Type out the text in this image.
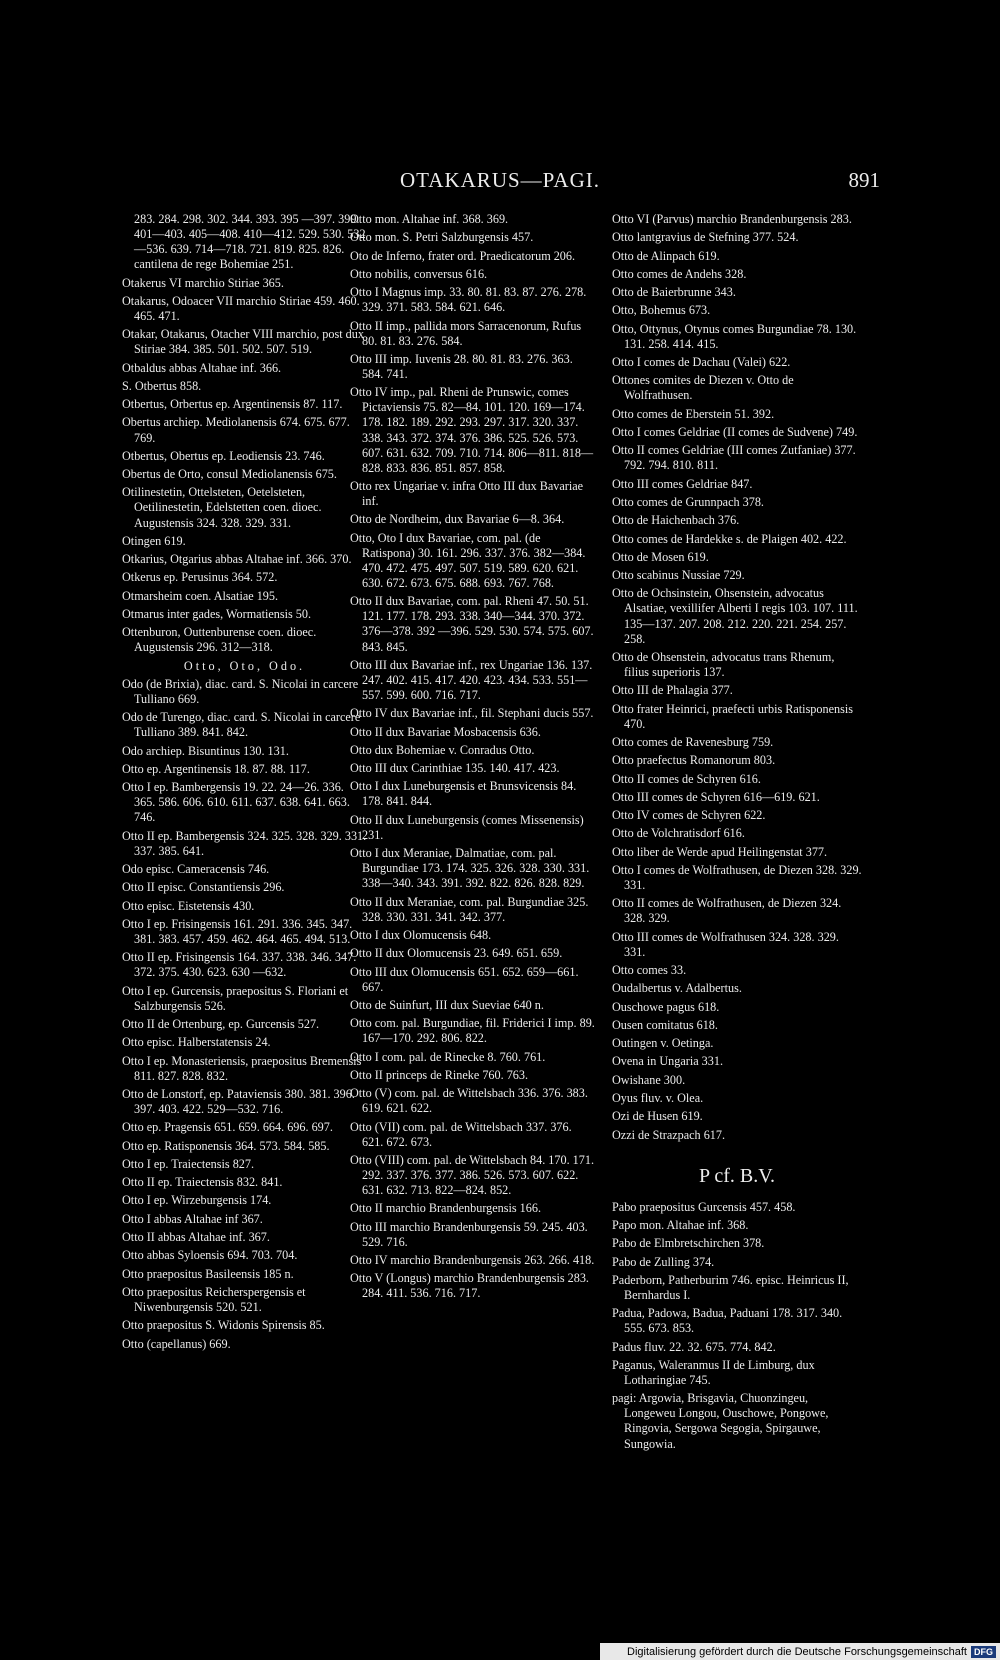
OTAKARUS—PAGI.	891
283. 284. 298. 302. 344. 393. 395 —397. 399. 401—403. 405—408. 410—412. 529. 530. 532—536. 639. 714—718. 721. 819. 825. 826. cantilena de rege Bohemiae 251.
Otakerus VI marchio Stiriae 365.
Otakarus, Odoacer VII marchio Stiriae 459. 460. 465. 471.
Otakar, Otakarus, Otacher VIII marchio, post dux Stiriae 384. 385. 501. 502. 507. 519.
Otbaldus abbas Altahae inf. 366.
S. Otbertus 858.
Otbertus, Orbertus ep. Argentinensis 87. 117.
Obertus archiep. Mediolanensis 674. 675. 677. 769.
Otbertus, Obertus ep. Leodiensis 23. 746.
Obertus de Orto, consul Mediolanensis 675.
Otilinestetin, Ottelsteten, Oetelsteten, Oetilinestetin, Edelstetten coen. dioec. Augustensis 324. 328. 329. 331.
Otingen 619.
Otkarius, Otgarius abbas Altahae inf. 366. 370.
Otkerus ep. Perusinus 364. 572.
Otmarsheim coen. Alsatiae 195.
Otmarus inter gades, Wormatiensis 50.
Ottenburon, Outtenburense coen. dioec. Augustensis 296. 312—318.
Otto, Oto, Odo.
Odo (de Brixia), diac. card. S. Nicolai in carcere Tulliano 669.
Odo de Turengo, diac. card. S. Nicolai in carcere Tulliano 389. 841. 842.
Odo archiep. Bisuntinus 130. 131.
Otto ep. Argentinensis 18. 87. 88. 117.
Otto I ep. Bambergensis 19. 22. 24—26. 336. 365. 586. 606. 610. 611. 637. 638. 641. 663. 746.
Otto II ep. Bambergensis 324. 325. 328. 329. 331. 337. 385. 641.
Odo episc. Cameracensis 746.
Otto II episc. Constantiensis 296.
Otto episc. Eistetensis 430.
Otto I ep. Frisingensis 161. 291. 336. 345. 347. 381. 383. 457. 459. 462. 464. 465. 494. 513.
Otto II ep. Frisingensis 164. 337. 338. 346. 347. 372. 375. 430. 623. 630 —632.
Otto I ep. Gurcensis, praepositus S. Floriani et Salzburgensis 526.
Otto II de Ortenburg, ep. Gurcensis 527.
Otto episc. Halberstatensis 24.
Otto I ep. Monasteriensis, praepositus Bremensis 811. 827. 828. 832.
Otto de Lonstorf, ep. Pataviensis 380. 381. 396. 397. 403. 422. 529—532. 716.
Otto ep. Pragensis 651. 659. 664. 696. 697.
Otto ep. Ratisponensis 364. 573. 584. 585.
Otto I ep. Traiectensis 827.
Otto II ep. Traiectensis 832. 841.
Otto I ep. Wirzeburgensis 174.
Otto I abbas Altahae inf 367.
Otto II abbas Altahae inf. 367.
Otto abbas Syloensis 694. 703. 704.
Otto praepositus Basileensis 185 n.
Otto praepositus Reicherspergensis et Niwenburgensis 520. 521.
Otto praepositus S. Widonis Spirensis 85.
Otto (capellanus) 669.
Otto mon. Altahae inf. 368. 369.
Otto mon. S. Petri Salzburgensis 457.
Oto de Inferno, frater ord. Praedicatorum 206.
Otto nobilis, conversus 616.
Otto I Magnus imp. 33. 80. 81. 83. 87. 276. 278. 329. 371. 583. 584. 621. 646.
Otto II imp., pallida mors Sarracenorum, Rufus 80. 81. 83. 276. 584.
Otto III imp. Iuvenis 28. 80. 81. 83. 276. 363. 584. 741.
Otto IV imp., pal. Rheni de Prunswic, comes Pictaviensis 75. 82—84. 101. 120. 169—174. 178. 182. 189. 292. 293. 297. 317. 320. 337. 338. 343. 372. 374. 376. 386. 525. 526. 573. 607. 631. 632. 709. 710. 714. 806—811. 818—828. 833. 836. 851. 857. 858.
Otto rex Ungariae v. infra Otto III dux Bavariae inf.
Otto de Nordheim, dux Bavariae 6—8. 364.
Otto, Oto I dux Bavariae, com. pal. (de Ratispona) 30. 161. 296. 337. 376. 382—384. 470. 472. 475. 497. 507. 519. 589. 620. 621. 630. 672. 673. 675. 688. 693. 767. 768.
Otto II dux Bavariae, com. pal. Rheni 47. 50. 51. 121. 177. 178. 293. 338. 340—344. 370. 372. 376—378. 392 —396. 529. 530. 574. 575. 607. 843. 845.
Otto III dux Bavariae inf., rex Ungariae 136. 137. 247. 402. 415. 417. 420. 423. 434. 533. 551—557. 599. 600. 716. 717.
Otto IV dux Bavariae inf., fil. Stephani ducis 557.
Otto II dux Bavariae Mosbacensis 636.
Otto dux Bohemiae v. Conradus Otto.
Otto III dux Carinthiae 135. 140. 417. 423.
Otto I dux Luneburgensis et Brunsvicensis 84. 178. 841. 844.
Otto II dux Luneburgensis (comes Missenensis) 231.
Otto I dux Meraniae, Dalmatiae, com. pal. Burgundiae 173. 174. 325. 326. 328. 330. 331. 338—340. 343. 391. 392. 822. 826. 828. 829.
Otto II dux Meraniae, com. pal. Burgundiae 325. 328. 330. 331. 341. 342. 377.
Otto I dux Olomucensis 648.
Otto II dux Olomucensis 23. 649. 651. 659.
Otto III dux Olomucensis 651. 652. 659—661. 667.
Otto de Suinfurt, III dux Sueviae 640 n.
Otto com. pal. Burgundiae, fil. Friderici I imp. 89. 167—170. 292. 806. 822.
Otto I com. pal. de Rinecke 8. 760. 761.
Otto II princeps de Rineke 760. 763.
Otto (V) com. pal. de Wittelsbach 336. 376. 383. 619. 621. 622.
Otto (VII) com. pal. de Wittelsbach 337. 376. 621. 672. 673.
Otto (VIII) com. pal. de Wittelsbach 84. 170. 171. 292. 337. 376. 377. 386. 526. 573. 607. 622. 631. 632. 713. 822—824. 852.
Otto II marchio Brandenburgensis 166.
Otto III marchio Brandenburgensis 59. 245. 403. 529. 716.
Otto IV marchio Brandenburgensis 263. 266. 418.
Otto V (Longus) marchio Brandenburgensis 283. 284. 411. 536. 716. 717.
Otto VI (Parvus) marchio Brandenburgensis 283.
Otto lantgravius de Stefning 377. 524.
Otto de Alinpach 619.
Otto comes de Andehs 328.
Otto de Baierbrunne 343.
Otto, Bohemus 673.
Otto, Ottynus, Otynus comes Burgundiae 78. 130. 131. 258. 414. 415.
Otto I comes de Dachau (Valei) 622.
Ottones comites de Diezen v. Otto de Wolfrathusen.
Otto comes de Eberstein 51. 392.
Otto I comes Geldriae (II comes de Sudvene) 749.
Otto II comes Geldriae (III comes Zutfaniae) 377. 792. 794. 810. 811.
Otto III comes Geldriae 847.
Otto comes de Grunnpach 378.
Otto de Haichenbach 376.
Otto comes de Hardekke s. de Plaigen 402. 422.
Otto de Mosen 619.
Otto scabinus Nussiae 729.
Otto de Ochsinstein, Ohsenstein, advocatus Alsatiae, vexillifer Alberti I regis 103. 107. 111. 135—137. 207. 208. 212. 220. 221. 254. 257. 258.
Otto de Ohsenstein, advocatus trans Rhenum, filius superioris 137.
Otto III de Phalagia 377.
Otto frater Heinrici, praefecti urbis Ratisponensis 470.
Otto comes de Ravenesburg 759.
Otto praefectus Romanorum 803.
Otto II comes de Schyren 616.
Otto III comes de Schyren 616—619. 621.
Otto IV comes de Schyren 622.
Otto de Volchratisdorf 616.
Otto liber de Werde apud Heilingenstat 377.
Otto I comes de Wolfrathusen, de Diezen 328. 329. 331.
Otto II comes de Wolfrathusen, de Diezen 324. 328. 329.
Otto III comes de Wolfrathusen 324. 328. 329. 331.
Otto comes 33.
Oudalbertus v. Adalbertus.
Ouschowe pagus 618.
Ousen comitatus 618.
Outingen v. Oetinga.
Ovena in Ungaria 331.
Owishane 300.
Oyus fluv. v. Olea.
Ozi de Husen 619.
Ozzi de Strazpach 617.
P cf. B.V.
Pabo praepositus Gurcensis 457. 458.
Papo mon. Altahae inf. 368.
Pabo de Elmbretschirchen 378.
Pabo de Zulling 374.
Paderborn, Patherburim 746. episc. Heinricus II, Bernhardus I.
Padua, Padowa, Badua, Paduani 178. 317. 340. 555. 673. 853.
Padus fluv. 22. 32. 675. 774. 842.
Paganus, Waleranmus II de Limburg, dux Lotharingiae 745.
pagi: Argowia, Brisgavia, Chuonzingeu, Longeweu Longou, Ouschowe, Pongowe, Ringovia, Sergowa Segogia, Spirgauwe, Sungowia.
Digitalisierung gefördert durch die Deutsche Forschungsgemeinschaft DFG
